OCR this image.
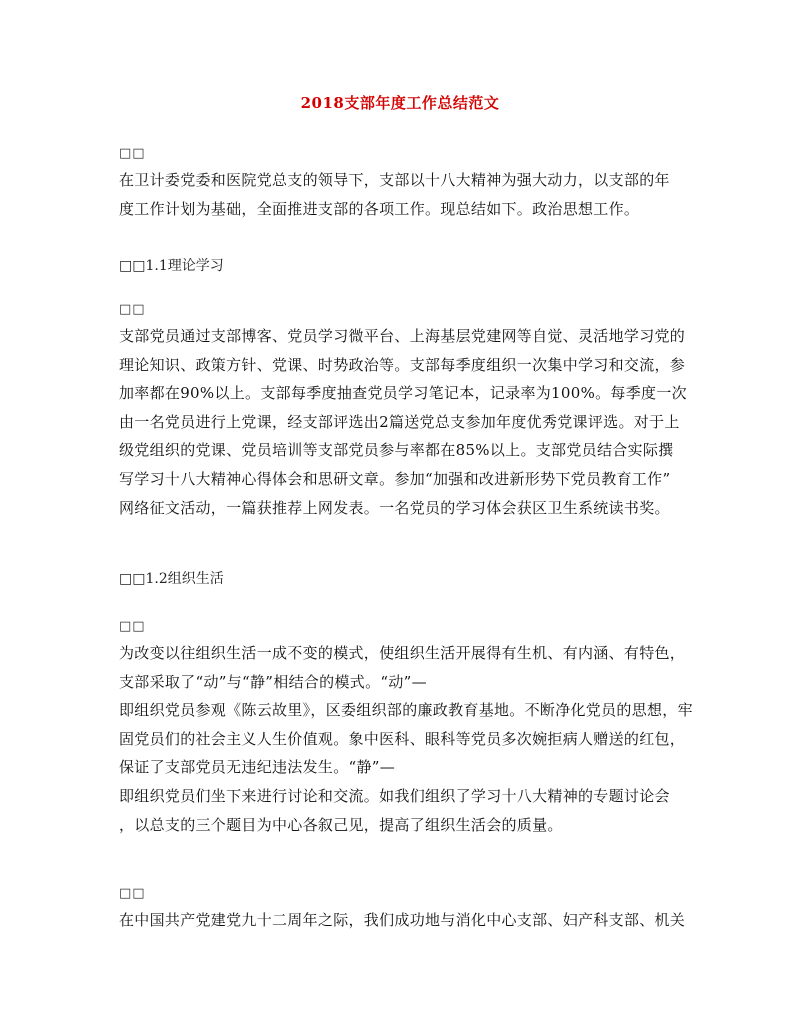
2018支部年度工作总结范文
□□
在卫计委党委和医院党总支的领导下，支部以十八大精神为强大动力，以支部的年
度工作计划为基础，全面推进支部的各项工作。现总结如下。政治思想工作。
□□1.1理论学习
□□
支部党员通过支部博客、党员学习微平台、上海基层党建网等自觉、灵活地学习党的
理论知识、政策方针、党课、时势政治等。支部每季度组织一次集中学习和交流，参
加率都在90%以上。支部每季度抽查党员学习笔记本，记录率为100%。每季度一次
由一名党员进行上党课，经支部评选出2篇送党总支参加年度优秀党课评选。对于上
级党组织的党课、党员培训等支部党员参与率都在85%以上。支部党员结合实际撰
写学习十八大精神心得体会和思研文章。参加“加强和改进新形势下党员教育工作”
网络征文活动，一篇获推荐上网发表。一名党员的学习体会获区卫生系统读书奖。
□□1.2组织生活
□□
为改变以往组织生活一成不变的模式，使组织生活开展得有生机、有内涵、有特色，
支部采取了“动”与“静”相结合的模式。“动”—
即组织党员参观《陈云故里》，区委组织部的廉政教育基地。不断净化党员的思想，牢
固党员们的社会主义人生价值观。象中医科、眼科等党员多次婉拒病人赠送的红包，
保证了支部党员无违纪违法发生。“静”—
即组织党员们坐下来进行讨论和交流。如我们组织了学习十八大精神的专题讨论会
，以总支的三个题目为中心各叙己见，提高了组织生活会的质量。
□□
在中国共产党建党九十二周年之际，我们成功地与消化中心支部、妇产科支部、机关
